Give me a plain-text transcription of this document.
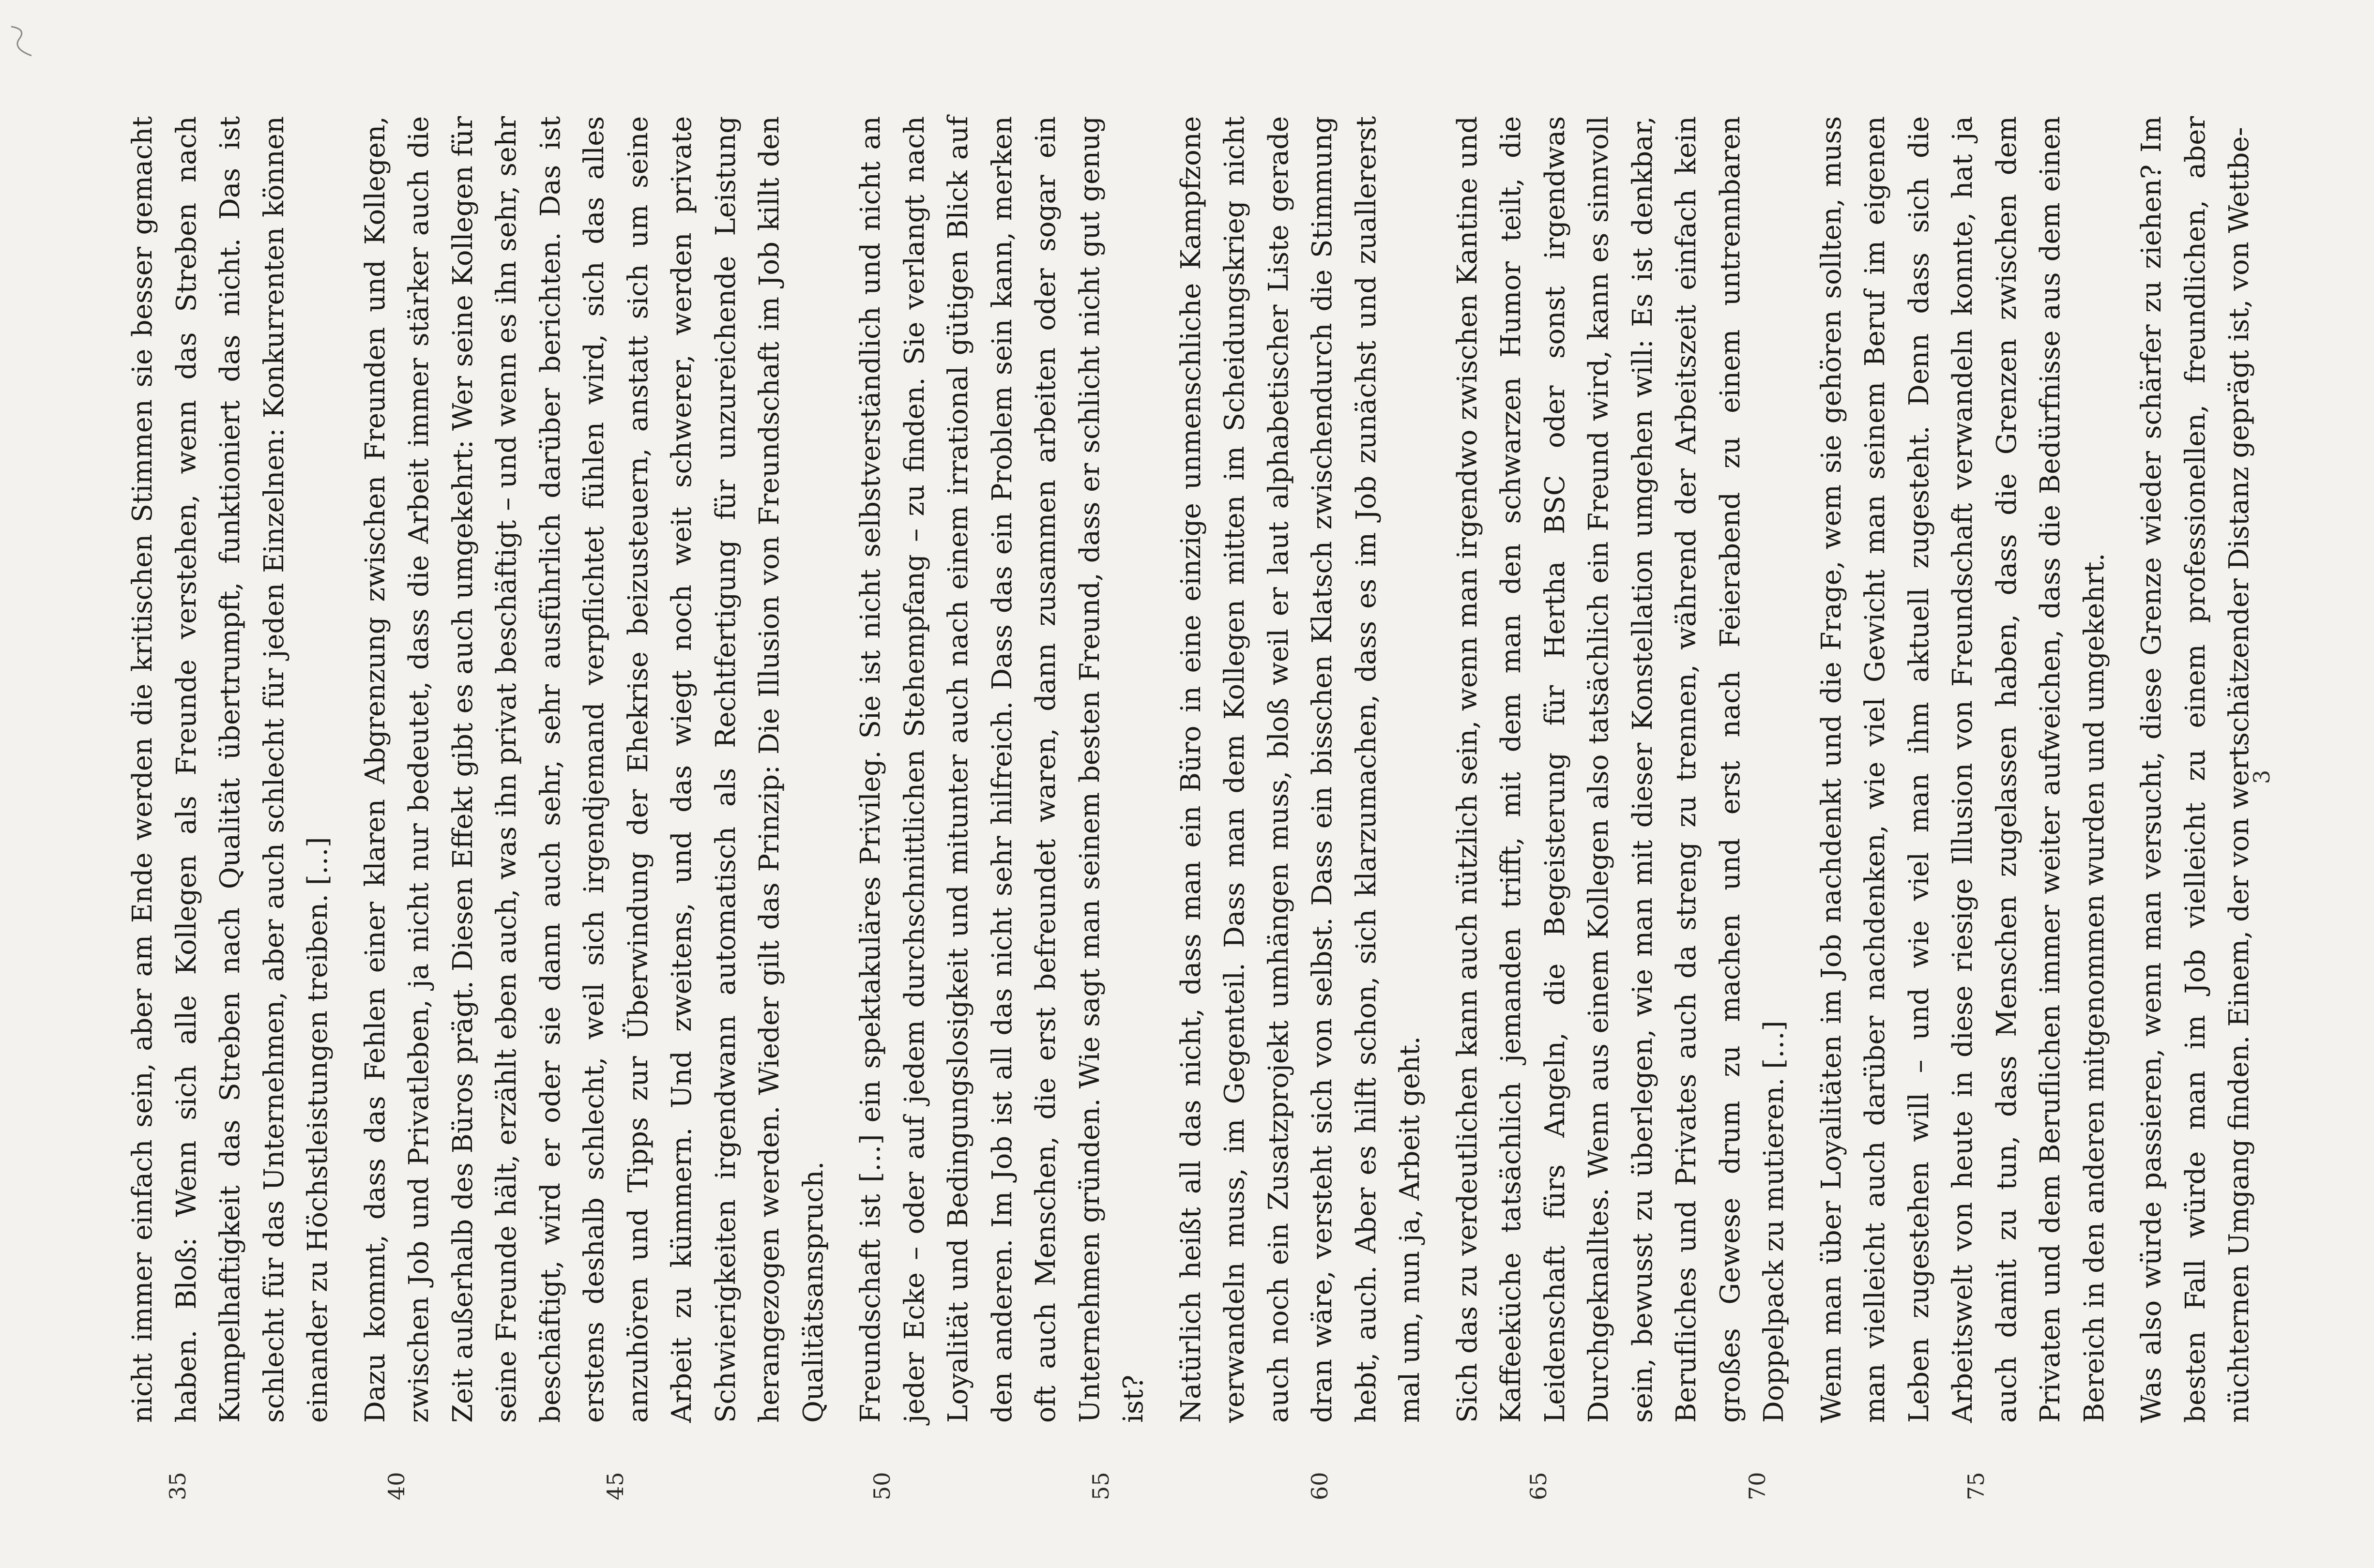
35	40	45	50	55	60	65	70	75

nicht immer einfach sein, aber am Ende werden die kritischen Stimmen sie besser gemacht haben. Bloß: Wenn sich alle Kollegen als Freunde verstehen, wenn das Streben nach Kumpelhaftigkeit das Streben nach Qualität übertrumpft, funktioniert das nicht. Das ist schlecht für das Unternehmen, aber auch schlecht für jeden Einzelnen: Konkurrenten können einander zu Höchstleistungen treiben. […] Dazu kommt, dass das Fehlen einer klaren Abgrenzung zwischen Freunden und Kollegen, zwischen Job und Privatleben, ja nicht nur bedeutet, dass die Arbeit immer stärker auch die Zeit außerhalb des Büros prägt. Diesen Effekt gibt es auch umgekehrt: Wer seine Kollegen für seine Freunde hält, erzählt eben auch, was ihn privat beschäftigt – und wenn es ihn sehr, sehr beschäftigt, wird er oder sie dann auch sehr, sehr ausführlich darüber berichten. Das ist erstens deshalb schlecht, weil sich irgendjemand verpflichtet fühlen wird, sich das alles anzuhören und Tipps zur Überwindung der Ehekrise beizusteuern, anstatt sich um seine Arbeit zu kümmern. Und zweitens, und das wiegt noch weit schwerer, werden private Schwierigkeiten irgendwann automatisch als Rechtfertigung für unzureichende Leistung herangezogen werden. Wieder gilt das Prinzip: Die Illusion von Freundschaft im Job killt den Qualitätsanspruch. Freundschaft ist […] ein spektakuläres Privileg. Sie ist nicht selbstverständlich und nicht an jeder Ecke – oder auf jedem durchschnittlichen Stehempfang – zu finden. Sie verlangt nach Loyalität und Bedingungslosigkeit und mitunter auch nach einem irrational gütigen Blick auf den anderen. Im Job ist all das nicht sehr hilfreich. Dass das ein Problem sein kann, merken oft auch Menschen, die erst befreundet waren, dann zusammen arbeiten oder sogar ein Unternehmen gründen. Wie sagt man seinem besten Freund, dass er schlicht nicht gut genug ist? Natürlich heißt all das nicht, dass man ein Büro in eine einzige unmenschliche Kampfzone verwandeln muss, im Gegenteil. Dass man dem Kollegen mitten im Scheidungskrieg nicht auch noch ein Zusatzprojekt umhängen muss, bloß weil er laut alphabetischer Liste gerade dran wäre, versteht sich von selbst. Dass ein bisschen Klatsch zwischendurch die Stimmung hebt, auch. Aber es hilft schon, sich klarzumachen, dass es im Job zunächst und zuallererst mal um, nun ja, Arbeit geht. Sich das zu verdeutlichen kann auch nützlich sein, wenn man irgendwo zwischen Kantine und Kaffeeküche tatsächlich jemanden trifft, mit dem man den schwarzen Humor teilt, die Leidenschaft fürs Angeln, die Begeisterung für Hertha BSC oder sonst irgendwas Durchgeknalltes. Wenn aus einem Kollegen also tatsächlich ein Freund wird, kann es sinnvoll sein, bewusst zu überlegen, wie man mit dieser Konstellation umgehen will: Es ist denkbar, Berufliches und Privates auch da streng zu trennen, während der Arbeitszeit einfach kein großes Gewese drum zu machen und erst nach Feierabend zu einem untrennbaren Doppelpack zu mutieren. […] Wenn man über Loyalitäten im Job nachdenkt und die Frage, wem sie gehören sollten, muss man vielleicht auch darüber nachdenken, wie viel Gewicht man seinem Beruf im eigenen Leben zugestehen will – und wie viel man ihm aktuell zugesteht. Denn dass sich die Arbeitswelt von heute in diese riesige Illusion von Freundschaft verwandeln konnte, hat ja auch damit zu tun, dass Menschen zugelassen haben, dass die Grenzen zwischen dem Privaten und dem Beruflichen immer weiter aufweichen, dass die Bedürfnisse aus dem einen Bereich in den anderen mitgenommen wurden und umgekehrt. Was also würde passieren, wenn man versucht, diese Grenze wieder schärfer zu ziehen? Im besten Fall würde man im Job vielleicht zu einem professionellen, freundlichen, aber nüchternen Umgang finden. Einem, der von wertschätzender Distanz geprägt ist, von Wettbe-

3
